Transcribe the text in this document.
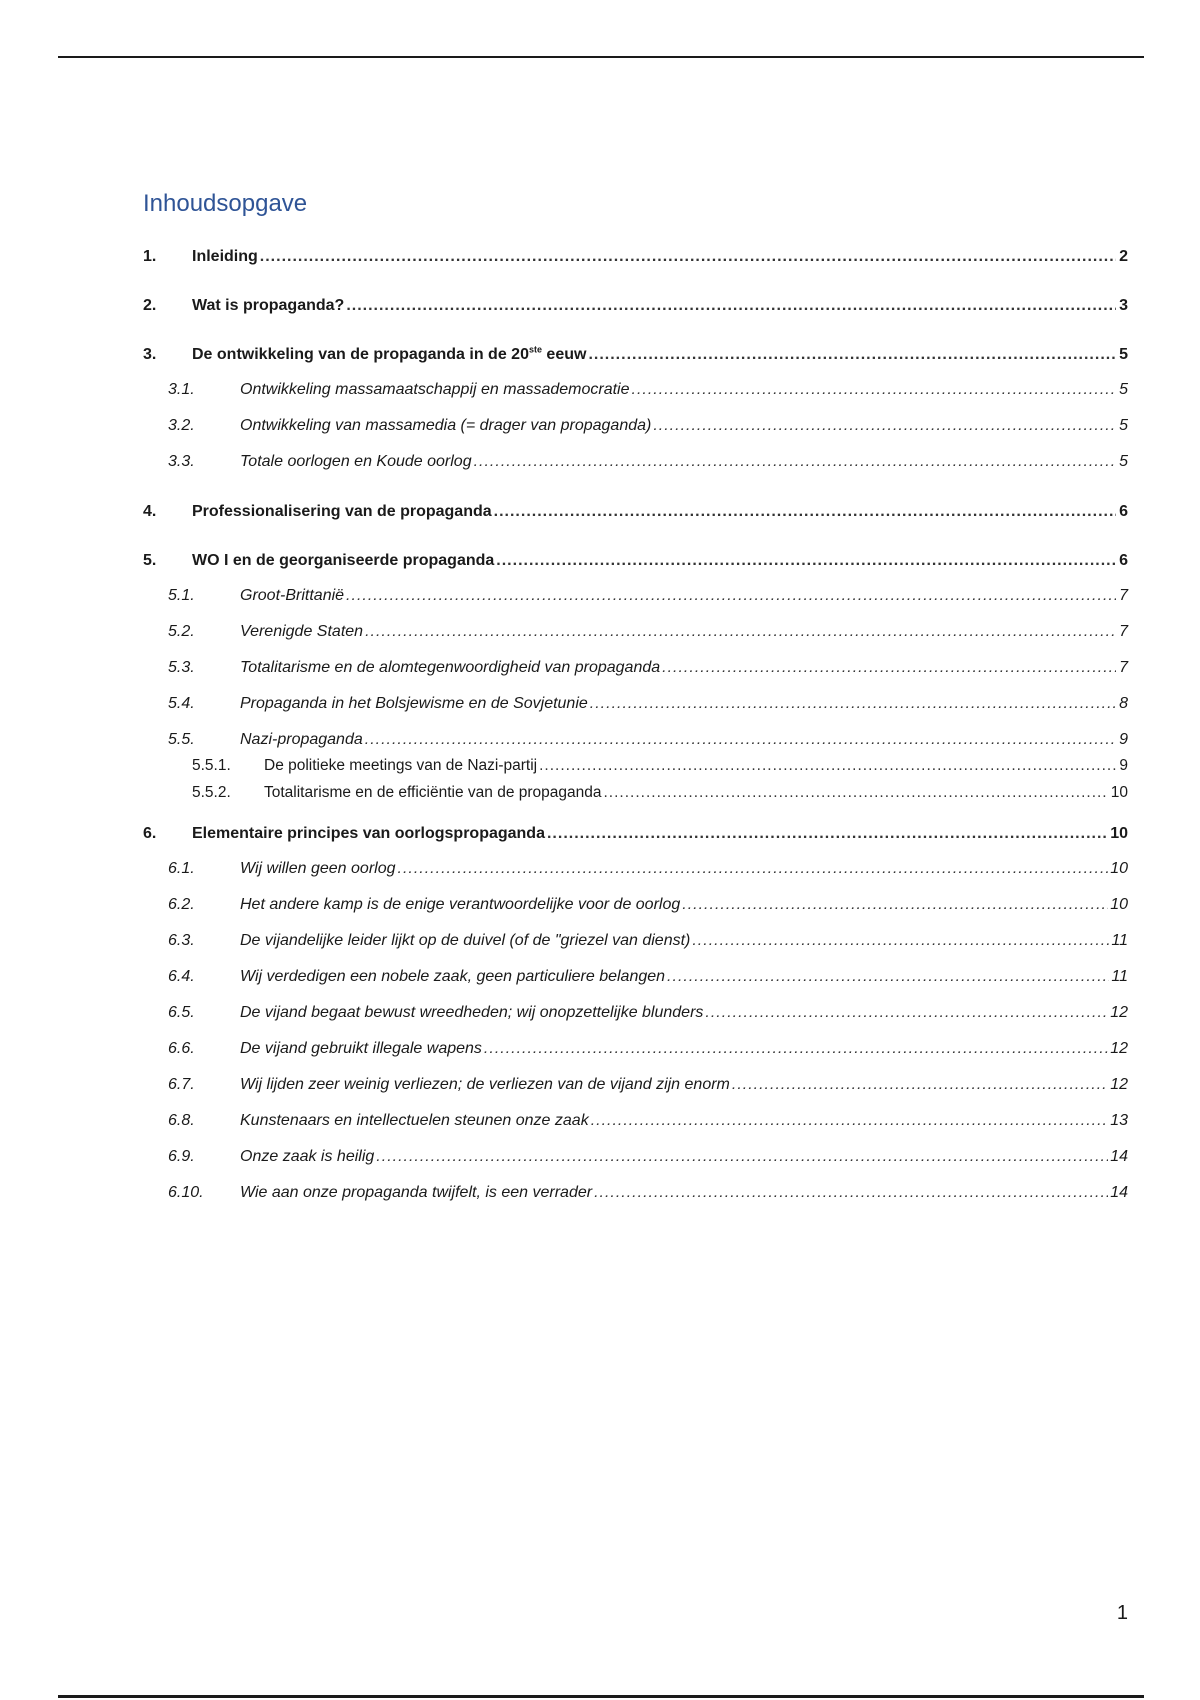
Inhoudsopgave
1.	Inleiding .....	2
2.	Wat is propaganda? .....	3
3.	De ontwikkeling van de propaganda in de 20ste eeuw .....	5
3.1.	Ontwikkeling massamaatschappij en massademocratie .....	5
3.2.	Ontwikkeling van massamedia (= drager van propaganda) .....	5
3.3.	Totale oorlogen en Koude oorlog .....	5
4.	Professionalisering van de propaganda .....	6
5.	WO I en de georganiseerde propaganda .....	6
5.1.	Groot-Brittanië .....	7
5.2.	Verenigde Staten .....	7
5.3.	Totalitarisme en de alomtegenwoordigheid van propaganda .....	7
5.4.	Propaganda in het Bolsjewisme en de Sovjetunie .....	8
5.5.	Nazi-propaganda .....	9
5.5.1.	De politieke meetings van de Nazi-partij .....	9
5.5.2.	Totalitarisme en de efficiëntie van de propaganda .....	10
6.	Elementaire principes van oorlogspropaganda .....	10
6.1.	Wij willen geen oorlog .....	10
6.2.	Het andere kamp is de enige verantwoordelijke voor de oorlog .....	10
6.3.	De vijandelijke leider lijkt op de duivel (of de "griezel van dienst) .....	11
6.4.	Wij verdedigen een nobele zaak, geen particuliere belangen .....	11
6.5.	De vijand begaat bewust wreedheden; wij onopzettelijke blunders .....	12
6.6.	De vijand gebruikt illegale wapens .....	12
6.7.	Wij lijden zeer weinig verliezen; de verliezen van de vijand zijn enorm .....	12
6.8.	Kunstenaars en intellectuelen steunen onze zaak .....	13
6.9.	Onze zaak is heilig .....	14
6.10.	Wie aan onze propaganda twijfelt, is een verrader .....	14
1
